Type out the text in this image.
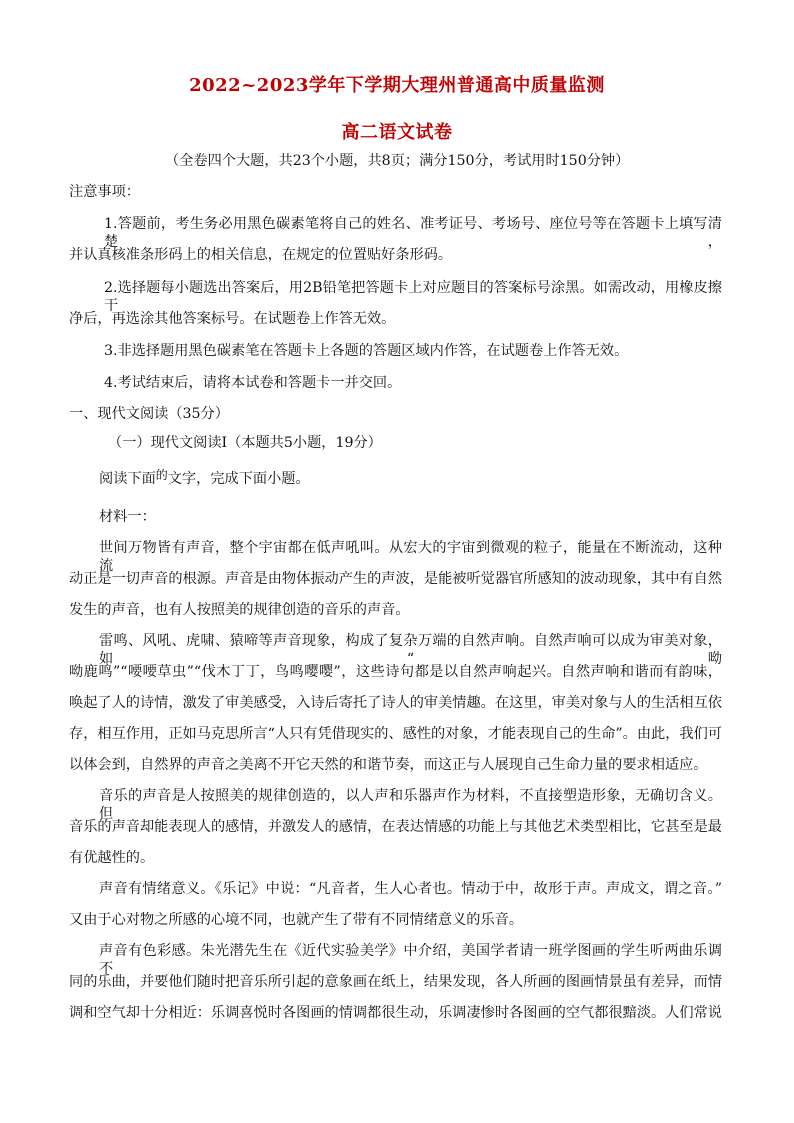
2022~2023学年下学期大理州普通高中质量监测
高二语文试卷
（全卷四个大题，共23个小题，共8页；满分150分，考试用时150分钟）
注意事项：
1.答题前，考生务必用黑色碳素笔将自己的姓名、准考证号、考场号、座位号等在答题卡上填写清楚，
并认真核准条形码上的相关信息，在规定的位置贴好条形码。
2.选择题每小题选出答案后，用2B铅笔把答题卡上对应题目的答案标号涂黑。如需改动，用橡皮擦干
净后，再选涂其他答案标号。在试题卷上作答无效。
3.非选择题用黑色碳素笔在答题卡上各题的答题区域内作答，在试题卷上作答无效。
4.考试结束后，请将本试卷和答题卡一并交回。
一、现代文阅读（35分）
（一）现代文阅读Ⅰ（本题共5小题，19分）
阅读下面$^的$文字，完成下面小题。
材料一：
世间万物皆有声音，整个宇宙都在低声吼叫。从宏大的宇宙到微观的粒子，能量在不断流动，这种流
动正是一切声音的根源。声音是由物体振动产生的声波，是能被听觉器官所感知的波动现象，其中有自然
发生的声音，也有人按照美的规律创造的音乐的声音。
雷鸣、风吼、虎啸、猿啼等声音现象，构成了复杂万端的自然声响。自然声响可以成为审美对象，如“呦
呦鹿鸣”“喓喓草虫”“伐木丁丁，鸟鸣嘤嘤”，这些诗句都是以自然声响起兴。自然声响和谐而有韵味，
唤起了人的诗情，激发了审美感受，入诗后寄托了诗人的审美情趣。在这里，审美对象与人的生活相互依
存，相互作用，正如马克思所言“人只有凭借现实的、感性的对象，才能表现自己的生命”。由此，我们可
以体会到，自然界的声音之美离不开它天然的和谐节奏，而这正与人展现自己生命力量的要求相适应。
音乐的声音是人按照美的规律创造的，以人声和乐器声作为材料，不直接塑造形象，无确切含义。但
音乐的声音却能表现人的感情，并激发人的感情，在表达情感的功能上与其他艺术类型相比，它甚至是最
有优越性的。
声音有情绪意义。《乐记》中说：“凡音者，生人心者也。情动于中，故形于声。声成文，谓之音。”
又由于心对物之所感的心境不同，也就产生了带有不同情绪意义的乐音。
声音有色彩感。朱光潜先生在《近代实验美学》中介绍，美国学者请一班学图画的学生听两曲乐调不
同的乐曲，并要他们随时把音乐所引起的意象画在纸上，结果发现，各人所画的图画情景虽有差异，而情
调和空气却十分相近：乐调喜悦时各图画的情调都很生动，乐调凄惨时各图画的空气都很黯淡。人们常说
